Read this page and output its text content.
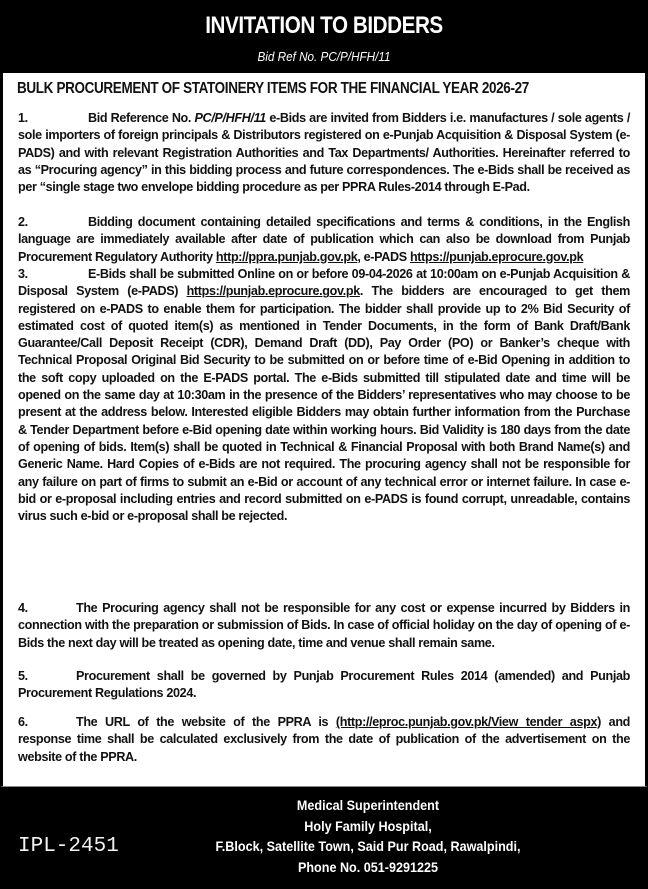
INVITATION TO BIDDERS
Bid Ref No. PC/P/HFH/11
BULK PROCUREMENT OF STATOINERY ITEMS FOR THE FINANCIAL YEAR 2026-27
1.	Bid Reference No. PC/P/HFH/11 e-Bids are invited from Bidders i.e. manufactures / sole agents / sole importers of foreign principals & Distributors registered on e-Punjab Acquisition & Disposal System (e-PADS) and with relevant Registration Authorities and Tax Departments/ Authorities. Hereinafter referred to as “Procuring agency” in this bidding process and future correspondences. The e-Bids shall be received as per “single stage two envelope bidding procedure as per PPRA Rules-2014 through E-Pad.
2.	Bidding document containing detailed specifications and terms & conditions, in the English language are immediately available after date of publication which can also be download from Punjab Procurement Regulatory Authority http://ppra.punjab.gov.pk, e-PADS https://punjab.eprocure.gov.pk
3.	E-Bids shall be submitted Online on or before 09-04-2026 at 10:00am on e-Punjab Acquisition & Disposal System (e-PADS) https://punjab.eprocure.gov.pk. The bidders are encouraged to get them registered on e-PADS to enable them for participation. The bidder shall provide up to 2% Bid Security of estimated cost of quoted item(s) as mentioned in Tender Documents, in the form of Bank Draft/Bank Guarantee/Call Deposit Receipt (CDR), Demand Draft (DD), Pay Order (PO) or Banker’s cheque with Technical Proposal Original Bid Security to be submitted on or before time of e-Bid Opening in addition to the soft copy uploaded on the E-PADS portal. The e-Bids submitted till stipulated date and time will be opened on the same day at 10:30am in the presence of the Bidders’ representatives who may choose to be present at the address below. Interested eligible Bidders may obtain further information from the Purchase & Tender Department before e-Bid opening date within working hours. Bid Validity is 180 days from the date of opening of bids. Item(s) shall be quoted in Technical & Financial Proposal with both Brand Name(s) and Generic Name. Hard Copies of e-Bids are not required. The procuring agency shall not be responsible for any failure on part of firms to submit an e-Bid or account of any technical error or internet failure. In case e-bid or e-proposal including entries and record submitted on e-PADS is found corrupt, unreadable, contains virus such e-bid or e-proposal shall be rejected.
4.	The Procuring agency shall not be responsible for any cost or expense incurred by Bidders in connection with the preparation or submission of Bids. In case of official holiday on the day of opening of e-Bids the next day will be treated as opening date, time and venue shall remain same.
5.	Procurement shall be governed by Punjab Procurement Rules 2014 (amended) and Punjab Procurement Regulations 2024.
6.	The URL of the website of the PPRA is (http://eproc.punjab.gov.pk/View tender aspx) and response time shall be calculated exclusively from the date of publication of the advertisement on the website of the PPRA.
IPL-2451
Medical Superintendent
Holy Family Hospital,
F.Block, Satellite Town, Said Pur Road, Rawalpindi,
Phone No. 051-9291225
